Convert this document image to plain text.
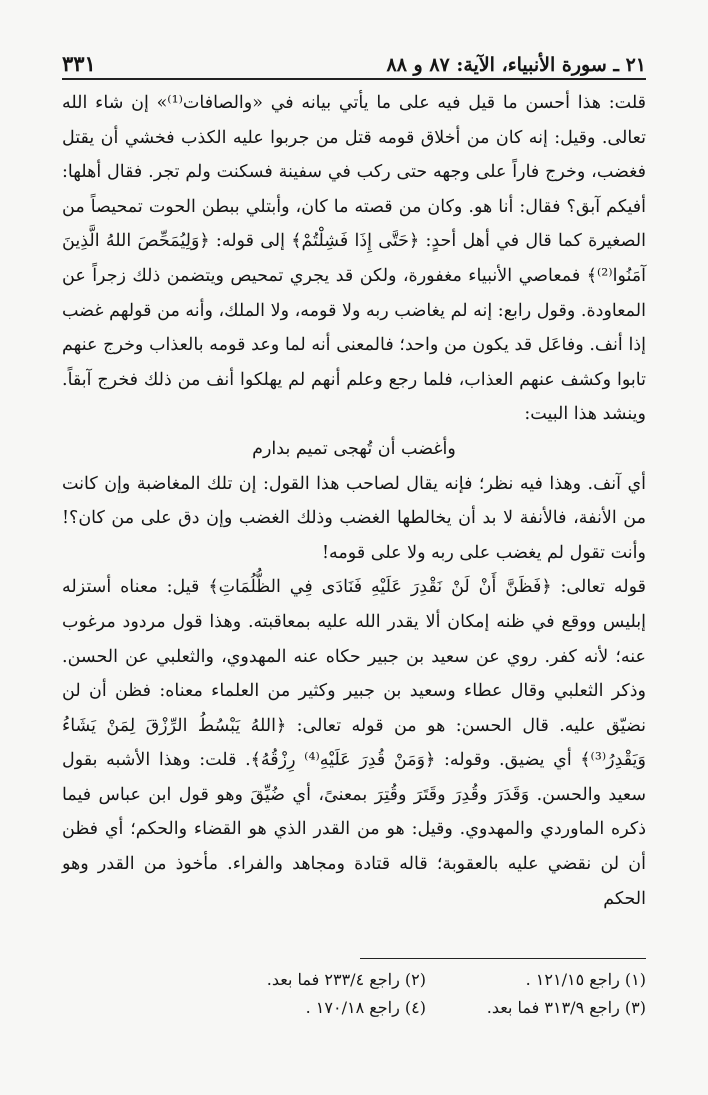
٢١ ـ سورة الأنبياء، الآية: ٨٧ و ٨٨
٣٣١

قلت: هذا أحسن ما قيل فيه على ما يأتي بيانه في «والصافات⁽¹⁾» إن شاء الله تعالى. وقيل: إنه كان من أخلاق قومه قتل من جربوا عليه الكذب فخشي أن يقتل فغضب، وخرج فاراً على وجهه حتى ركب في سفينة فسكنت ولم تجر. فقال أهلها: أفيكم آبق؟ فقال: أنا هو. وكان من قصته ما كان، وأبتلي ببطن الحوت تمحيصاً من الصغيرة كما قال في أهل أحدٍ: ﴿حَتَّى إِذَا فَشِلْتُمْ﴾ إلى قوله: ﴿وَلِيُمَحِّصَ اللهُ الَّذِينَ آمَنُوا⁽²⁾﴾ فمعاصي الأنبياء مغفورة، ولكن قد يجري تمحيص ويتضمن ذلك زجراً عن المعاودة. وقول رابع: إنه لم يغاضب ربه ولا قومه، ولا الملك، وأنه من قولهم غضب إذا أنف. وفاعَل قد يكون من واحد؛ فالمعنى أنه لما وعد قومه بالعذاب وخرج عنهم تابوا وكشف عنهم العذاب، فلما رجع وعلم أنهم لم يهلكوا أنف من ذلك فخرج آبقاً. وينشد هذا البيت:

وأغضب أن تُهجى تميم بدارم

أي آنف. وهذا فيه نظر؛ فإنه يقال لصاحب هذا القول: إن تلك المغاضبة وإن كانت من الأنفة، فالأنفة لا بد أن يخالطها الغضب وذلك الغضب وإن دق على من كان؟! وأنت تقول لم يغضب على ربه ولا على قومه!

قوله تعالى: ﴿فَظَنَّ أَنْ لَنْ نَقْدِرَ عَلَيْهِ فَنَادَى فِي الظُّلُمَاتِ﴾ قيل: معناه أستزله إبليس ووقع في ظنه إمكان ألا يقدر الله عليه بمعاقبته. وهذا قول مردود مرغوب عنه؛ لأنه كفر. روي عن سعيد بن جبير حكاه عنه المهدوي، والثعلبي عن الحسن. وذكر الثعلبي وقال عطاء وسعيد بن جبير وكثير من العلماء معناه: فظن أن لن نضيّق عليه. قال الحسن: هو من قوله تعالى: ﴿اللهُ يَبْسُطُ الرِّزْقَ لِمَنْ يَشَاءُ وَيَقْدِرُ⁽³⁾﴾ أي يضيق. وقوله: ﴿وَمَنْ قُدِرَ عَلَيْهِ⁽⁴⁾ رِزْقُهُ﴾. قلت: وهذا الأشبه بقول سعيد والحسن. وَقَدَرَ وقُدِرَ وقَتَرَ وقُتِرَ بمعنىً، أي ضُيِّقَ وهو قول ابن عباس فيما ذكره الماوردي والمهدوي. وقيل: هو من القدر الذي هو القضاء والحكم؛ أي فظن أن لن نقضي عليه بالعقوبة؛ قاله قتادة ومجاهد والفراء. مأخوذ من القدر وهو الحكم

(١) راجع ١٢١/١٥ .
(٢) راجع ٢٣٣/٤ فما بعد.
(٣) راجع ٣١٣/٩ فما بعد.
(٤) راجع ١٧٠/١٨ .
